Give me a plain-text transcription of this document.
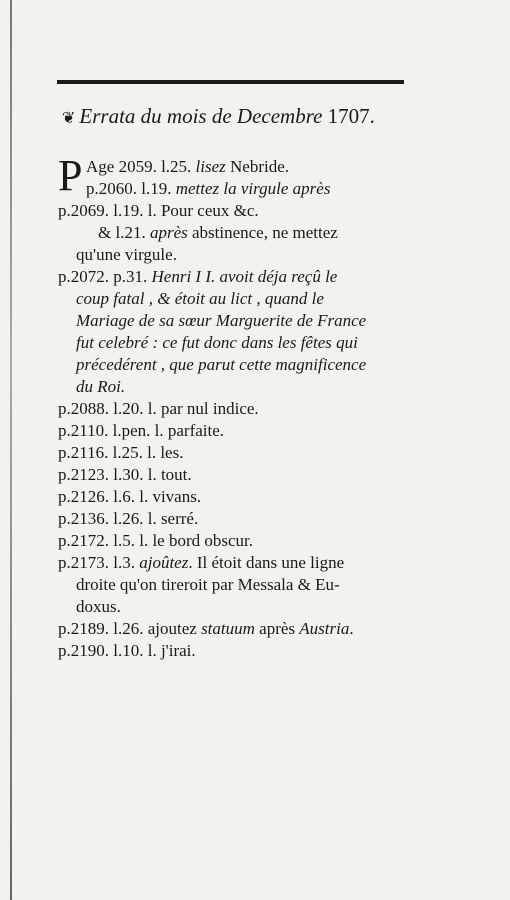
❦ Errata du mois de Decembre 1707.
P Age 2059. l.25. lisez Nebride.
p.2060. l.19. mettez la virgule après
p.2069. l.19. l. Pour ceux &c.
& l.21. après abstinence, ne mettez
qu'une virgule.
p.2072. p.31. Henri I I. avoit déja reçû le
coup fatal , & étoit au lict , quand le
Mariage de sa sœur Marguerite de France
fut celebré : ce fut donc dans les fêtes qui
précedérent , que parut cette magnificence
du Roi.
p.2088. l.20. l. par nul indice.
p.2110. l.pen. l. parfaite.
p.2116. l.25. l. les.
p.2123. l.30. l. tout.
p.2126. l.6. l. vivans.
p.2136. l.26. l. serré.
p.2172. l.5. l. le bord obscur.
p.2173. l.3. ajoûtez. Il étoit dans une ligne
droite qu'on tireroit par Messala & Eu-
doxus.
p.2189. l.26. ajoutez statuum après Austria.
p.2190. l.10. l. j'irai.
